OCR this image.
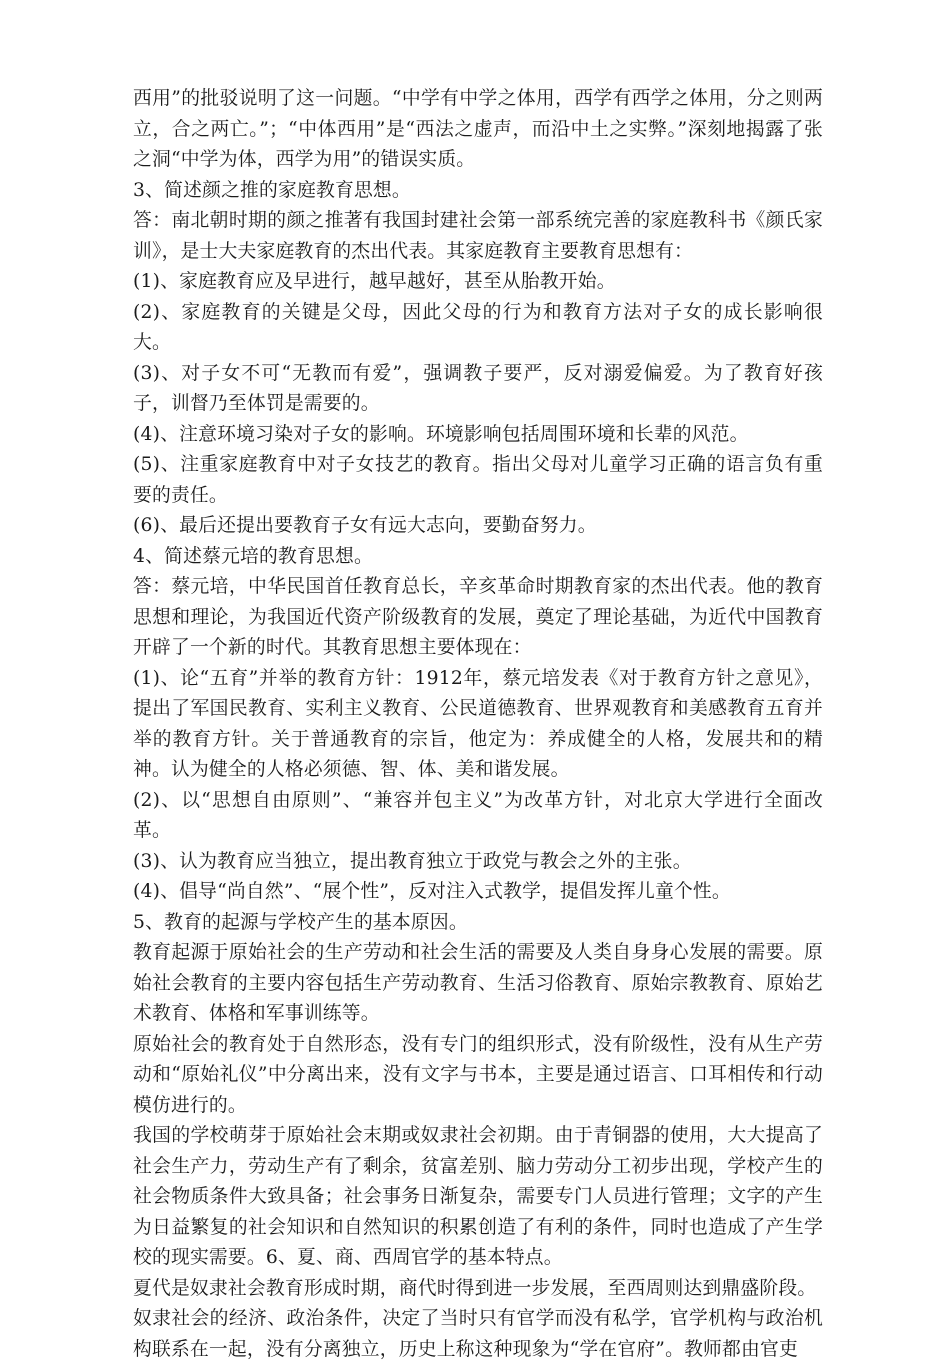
西用”的批驳说明了这一问题。“中学有中学之体用，西学有西学之体用，分之则两立，合之两亡。”；“中体西用”是“西法之虚声，而沿中土之实弊。”深刻地揭露了张之洞“中学为体，西学为用”的错误实质。

3、简述颜之推的家庭教育思想。

答：南北朝时期的颜之推著有我国封建社会第一部系统完善的家庭教科书《颜氏家训》，是士大夫家庭教育的杰出代表。其家庭教育主要教育思想有：

(1)、家庭教育应及早进行，越早越好，甚至从胎教开始。

(2)、家庭教育的关键是父母，因此父母的行为和教育方法对子女的成长影响很大。

(3)、对子女不可“无教而有爱”，强调教子要严，反对溺爱偏爱。为了教育好孩子，训督乃至体罚是需要的。

(4)、注意环境习染对子女的影响。环境影响包括周围环境和长辈的风范。

(5)、注重家庭教育中对子女技艺的教育。指出父母对儿童学习正确的语言负有重要的责任。

(6)、最后还提出要教育子女有远大志向，要勤奋努力。

4、简述蔡元培的教育思想。

答：蔡元培，中华民国首任教育总长，辛亥革命时期教育家的杰出代表。他的教育思想和理论，为我国近代资产阶级教育的发展，奠定了理论基础，为近代中国教育开辟了一个新的时代。其教育思想主要体现在：

(1)、论“五育”并举的教育方针：1912年，蔡元培发表《对于教育方针之意见》，提出了军国民教育、实利主义教育、公民道德教育、世界观教育和美感教育五育并举的教育方针。关于普通教育的宗旨，他定为：养成健全的人格，发展共和的精神。认为健全的人格必须德、智、体、美和谐发展。

(2)、以“思想自由原则”、“兼容并包主义”为改革方针，对北京大学进行全面改革。

(3)、认为教育应当独立，提出教育独立于政党与教会之外的主张。

(4)、倡导“尚自然”、“展个性”，反对注入式教学，提倡发挥儿童个性。

5、教育的起源与学校产生的基本原因。

教育起源于原始社会的生产劳动和社会生活的需要及人类自身身心发展的需要。原始社会教育的主要内容包括生产劳动教育、生活习俗教育、原始宗教教育、原始艺术教育、体格和军事训练等。

原始社会的教育处于自然形态，没有专门的组织形式，没有阶级性，没有从生产劳动和“原始礼仪”中分离出来，没有文字与书本，主要是通过语言、口耳相传和行动模仿进行的。

我国的学校萌芽于原始社会末期或奴隶社会初期。由于青铜器的使用，大大提高了社会生产力，劳动生产有了剩余，贫富差别、脑力劳动分工初步出现，学校产生的社会物质条件大致具备；社会事务日渐复杂，需要专门人员进行管理；文字的产生为日益繁复的社会知识和自然知识的积累创造了有利的条件，同时也造成了产生学校的现实需要。6、夏、商、西周官学的基本特点。

夏代是奴隶社会教育形成时期，商代时得到进一步发展，至西周则达到鼎盛阶段。

奴隶社会的经济、政治条件，决定了当时只有官学而没有私学，官学机构与政治机构联系在一起，没有分离独立，历史上称这种现象为“学在官府”。教师都由官吏
